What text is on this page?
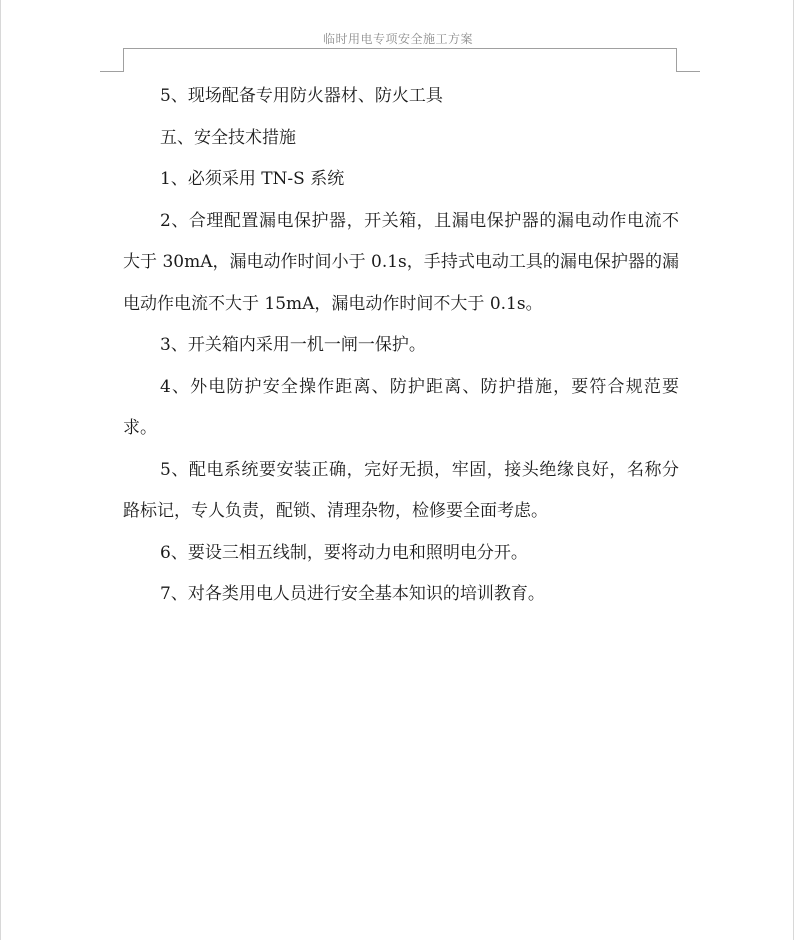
临时用电专项安全施工方案

5、现场配备专用防火器材、防火工具

五、安全技术措施

1、必须采用 TN-S 系统

2、合理配置漏电保护器，开关箱，且漏电保护器的漏电动作电流不大于 30mA，漏电动作时间小于 0.1s，手持式电动工具的漏电保护器的漏电动作电流不大于 15mA，漏电动作时间不大于 0.1s。

3、开关箱内采用一机一闸一保护。

4、外电防护安全操作距离、防护距离、防护措施，要符合规范要求。

5、配电系统要安装正确，完好无损，牢固，接头绝缘良好，名称分路标记，专人负责，配锁、清理杂物，检修要全面考虑。

6、要设三相五线制，要将动力电和照明电分开。

7、对各类用电人员进行安全基本知识的培训教育。
